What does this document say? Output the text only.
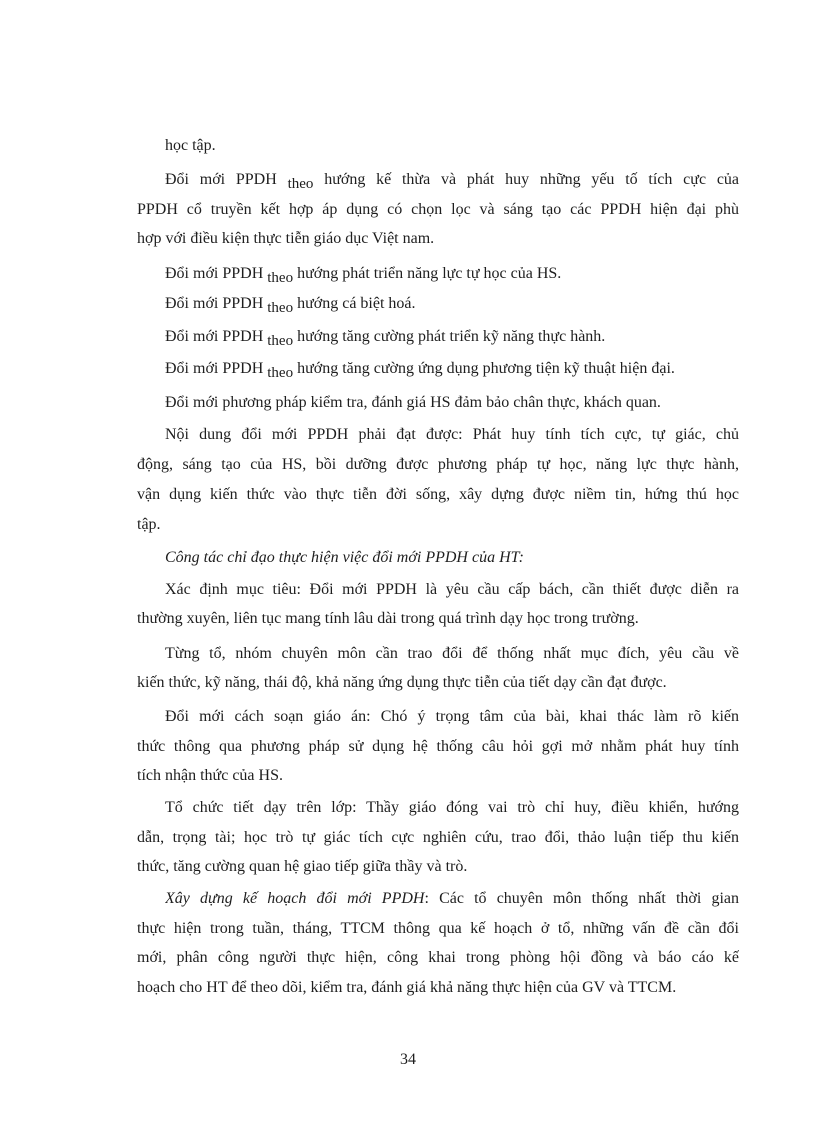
học tập.
Đổi mới PPDH theo hướng kế thừa và phát huy những yếu tố tích cực của
PPDH cổ truyền kết hợp áp dụng có chọn lọc và sáng tạo các PPDH hiện đại phù
hợp với điều kiện thực tiễn giáo dục Việt nam.
Đổi mới PPDH theo hướng phát triển năng lực tự học của HS.
Đổi mới PPDH theo hướng cá biệt hoá.
Đổi mới PPDH theo hướng tăng cường phát triển kỹ năng thực hành.
Đổi mới PPDH theo hướng tăng cường ứng dụng phương tiện kỹ thuật hiện đại.
Đổi mới phương pháp kiểm tra, đánh giá HS đảm bảo chân thực, khách quan.
Nội dung đổi mới PPDH phải đạt được: Phát huy tính tích cực, tự giác, chủ
động, sáng tạo của HS, bồi dưỡng được phương pháp tự học, năng lực thực hành,
vận dụng kiến thức vào thực tiễn đời sống, xây dựng được niềm tin, hứng thú học
tập.
Công tác chỉ đạo thực hiện việc đổi mới PPDH của HT:
Xác định mục tiêu: Đổi mới PPDH là yêu cầu cấp bách, cần thiết được diễn ra
thường xuyên, liên tục mang tính lâu dài trong quá trình dạy học trong trường.
Từng tổ, nhóm chuyên môn cần trao đổi để thống nhất mục đích, yêu cầu về
kiến thức, kỹ năng, thái độ, khả năng ứng dụng thực tiễn của tiết dạy cần đạt được.
Đổi mới cách soạn giáo án: Chó ý trọng tâm của bài, khai thác làm rõ kiến
thức thông qua phương pháp sử dụng hệ thống câu hỏi gợi mở nhằm phát huy tính
tích nhận thức của HS.
Tổ chức tiết dạy trên lớp: Thầy giáo đóng vai trò chỉ huy, điều khiển, hướng
dẫn, trọng tài; học trò tự giác tích cực nghiên cứu, trao đổi, thảo luận tiếp thu kiến
thức, tăng cường quan hệ giao tiếp giữa thầy và trò.
Xây dựng kế hoạch đổi mới PPDH: Các tổ chuyên môn thống nhất thời gian
thực hiện trong tuần, tháng, TTCM thông qua kế hoạch ở tổ, những vấn đề cần đổi
mới, phân công người thực hiện, công khai trong phòng hội đồng và báo cáo kế
hoạch cho HT để theo dõi, kiểm tra, đánh giá khả năng thực hiện của GV và TTCM.
34
